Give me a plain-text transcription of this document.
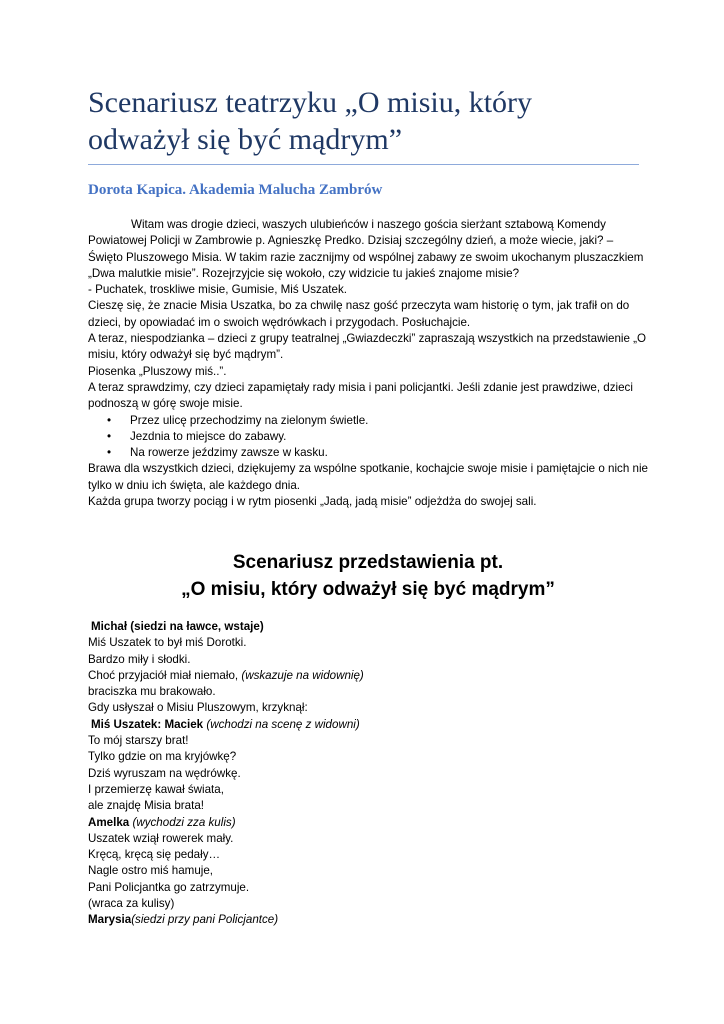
Scenariusz teatrzyku „O misiu, który
odważył się być mądrym”
Dorota Kapica. Akademia Malucha Zambrów

Witam was drogie dzieci, waszych ulubieńców i naszego gościa sierżant sztabową Komendy Powiatowej Policji w Zambrowie p. Agnieszkę Predko. Dzisiaj szczególny dzień, a może wiecie, jaki? – Święto Pluszowego Misia. W takim razie zacznijmy od wspólnej zabawy ze swoim ukochanym pluszaczkiem „Dwa malutkie misie”. Rozejrzyjcie się wokoło, czy widzicie tu jakieś znajome misie?

- Puchatek, troskliwe misie, Gumisie, Miś Uszatek.

Cieszę się, że znacie Misia Uszatka, bo za chwilę nasz gość przeczyta wam historię o tym, jak trafił on do dzieci, by opowiadać im o swoich wędrówkach i przygodach. Posłuchajcie.

A teraz, niespodzianka – dzieci z grupy teatralnej „Gwiazdeczki” zapraszają wszystkich na przedstawienie „O misiu, który odważył się być mądrym”.

Piosenka „Pluszowy miś..”.

A teraz sprawdzimy, czy dzieci zapamiętały rady misia i pani policjantki. Jeśli zdanie jest prawdziwe, dzieci podnoszą w górę swoje misie.

• Przez ulicę przechodzimy na zielonym świetle.
• Jezdnia to miejsce do zabawy.
• Na rowerze jeździmy zawsze w kasku.

Brawa dla wszystkich dzieci, dziękujemy za wspólne spotkanie, kochajcie swoje misie i pamiętajcie o nich nie tylko w dniu ich święta, ale każdego dnia.

Każda grupa tworzy pociąg i w rytm piosenki „Jadą, jadą misie” odjeżdża do swojej sali.

Scenariusz przedstawienia pt.
„O misiu, który odważył się być mądrym”

Michał (siedzi na ławce, wstaje)

Miś Uszatek to był miś Dorotki.

Bardzo miły i słodki.

Choć przyjaciół miał niemało, (wskazuje na widownię)

braciszka mu brakowało.

Gdy usłyszał o Misiu Pluszowym, krzyknął:

Miś Uszatek: Maciek (wchodzi na scenę z widowni)

To mój starszy brat!

Tylko gdzie on ma kryjówkę?

Dziś wyruszam na wędrówkę.

I przemierzę kawał świata,

ale znajdę Misia brata!

Amelka (wychodzi zza kulis)

Uszatek wziął rowerek mały.

Kręcą, kręcą się pedały…

Nagle ostro miś hamuje,

Pani Policjantka go zatrzymuje.

(wraca za kulisy)

Marysia(siedzi przy pani Policjantce)
